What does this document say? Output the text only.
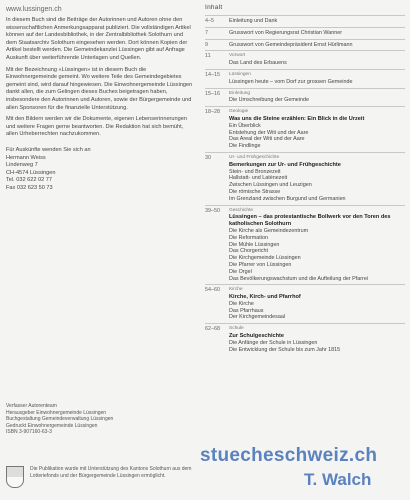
www.lussingen.ch
In diesem Buch sind die Beiträge der Autorinnen und Autoren ohne den wissenschaftlichen Anmerkungsapparat publiziert. Die vollständigen Artikel können auf der Landesbibliothek, in der Zentralbibliothek Solothurn und dem Staatsarchiv Solothurn eingesehen werden. Dort können Kopien der Artikel bestellt werden. Die Gemeindekanzlei Lüssingen gibt auf Anfrage Auskunft über weiterführende Unterlagen und Quellen.
Mit der Bezeichnung «Lüssingen» ist in diesem Buch die Einwohnergemeinde gemeint. Wo weitere Teile des Gemeindegebietes gemeint sind, wird darauf hingewiesen. Die Einwohnergemeinde Lüssingen dankt allen, die zum Gelingen dieses Buches beigetragen haben, insbesondere den Autorinnen und Autoren, sowie der Bürgergemeinde und allen Sponsoren für die finanzielle Unterstützung.
Mit den Bildern werden wir die Dokumente, eigenen Lebenserinnerungen und weitere Fragen gerne beantworten. Die Redaktion hat sich bemüht, allen Urheberrechten nachzukommen.
Für Auskünfte wenden Sie sich an
Hermann Weiss
Lindenweg 7
CH-4574 Lüssingen
Tel. 032 622 02 77
Fax 032 623 50 73
Verfasser Autorenteam
Herausgeber Einwohnergemeinde Lüssingen
Buchgestaltung Gemeindeverwaltung Lüssingen
Gedruckt Einwohnergemeinde Lüssingen
ISBN 3-907160-63-3
Die Publikation wurde mit Unterstützung des Kantons Solothurn aus dem Lotteriefonds und der Bürgergemeinde Lüssingen ermöglicht.
Inhalt
4–5	Einleitung und Dank
7	Grusswort von Regierungsrat Christian Wanner
9	Grusswort von Gemeindepräsident Ernst Hürlimann
11	Vorwort
Das Land des Erbauens
14–15	Lüssingen
Lüssingen heute – vom Dorf zur grossen Gemeinde
15–16	Einleitung
Die Umschreibung der Gemeinde
18–28	Geologie
Was uns die Steine erzählen: Ein Blick in die Urzeit
Ein Überblick
Entstehung der Witi und der Aare
Das Areal der Witi und der Aare
Die Findlinge
30	Ur- und Frühgeschichte
Bemerkungen zur Ur- und Frühgeschichte
Stein- und Bronzezeit
Hallstatt- und Latènezeit
Zwischen Lüssingen und Leuzigen
Die römische Strasse
Im Grenzland zwischen Burgund und Germanien
39–50	Geschichte
Lüssingen – das protestantische Bollwerk vor den Toren des katholischen Solothurn
Die Kirche als Gemeindezentrum
Die Reformation
Die Mühle Lüssingen
Das Chorgericht
Die Kirchgemeinde Lüssingen
Die Pfarrer von Lüssingen
Die Orgel
Das Bevölkerungswachstum und die Aufteilung der Pfarrei
54–60	Kirche
Kirche, Kirch- und Pfarrhof
Die Kirche
Das Pfarrhaus
Der Kirchgemeindesaal
62–68	Schule
Zur Schulgeschichte
Die Anfänge der Schule in Lüssingen
Die Entwicklung der Schule bis zum Jahr 1815
stuecheschweiz.ch
T. Walch
